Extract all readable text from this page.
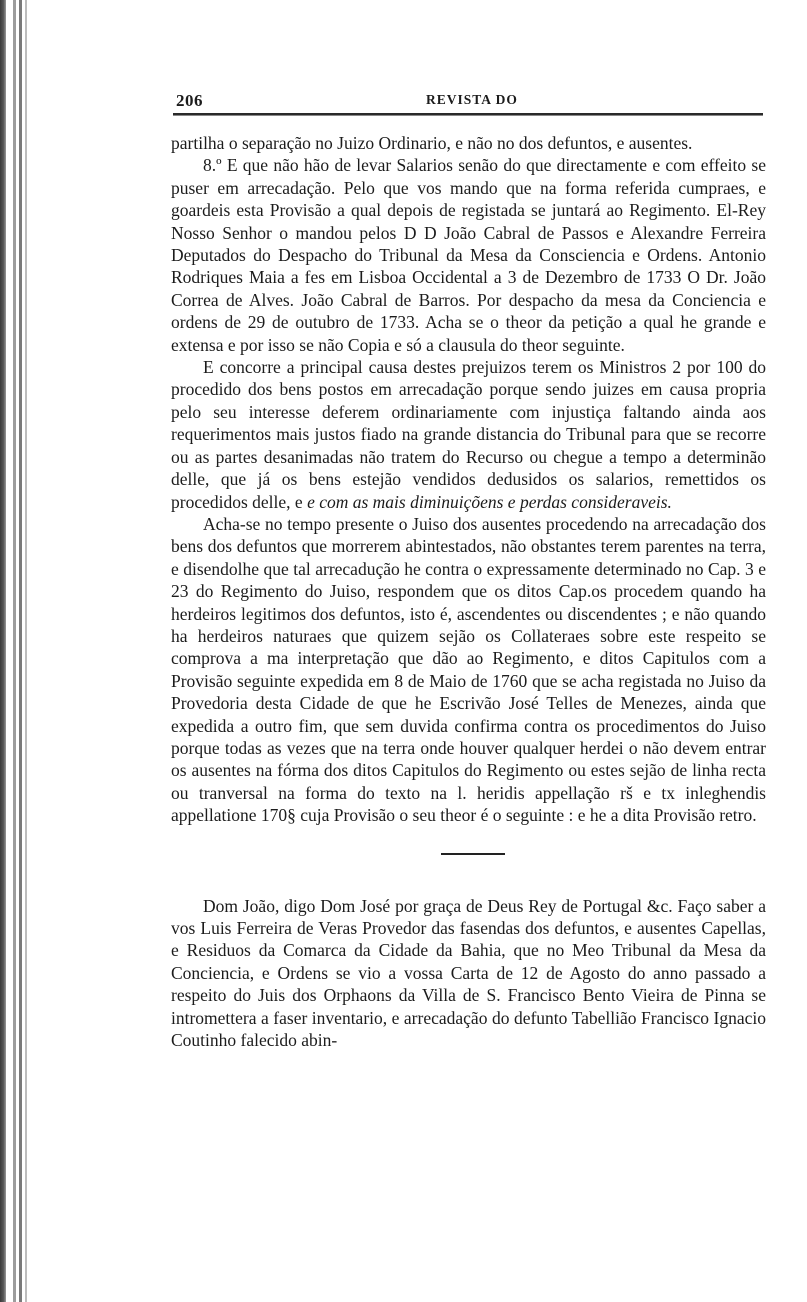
206	REVISTA DO

partilha o separação no Juizo Ordinario, e não no dos defuntos, e ausentes.

8.º E que não hão de levar Salarios senão do que directamente e com effeito se puser em arrecadação. Pelo que vos mando que na forma referida cumpraes, e goardeis esta Provisão a qual depois de registada se juntará ao Regimento. El-Rey Nosso Senhor o mandou pelos D D João Cabral de Passos e Alexandre Ferreira Deputados do Despacho do Tribunal da Mesa da Consciencia e Ordens. Antonio Rodriques Maia a fes em Lisboa Occidental a 3 de Dezembro de 1733 O Dr. João Correa de Alves. João Cabral de Barros. Por despacho da mesa da Conciencia e ordens de 29 de outubro de 1733. Acha se o theor da petição a qual he grande e extensa e por isso se não Copia e só a clausula do theor seguinte.

E concorre a principal causa destes prejuizos terem os Ministros 2 por 100 do procedido dos bens postos em arrecadação porque sendo juizes em causa propria pelo seu interesse deferem ordinariamente com injustiça faltando ainda aos requerimentos mais justos fiado na grande distancia do Tribunal para que se recorre ou as partes desanimadas não tratem do Recurso ou chegue a tempo a determinão delle, que já os bens estejão vendidos dedusidos os salarios, remettidos os procedidos delle, e e com as mais diminuiçõens e perdas consideraveis.

Acha-se no tempo presente o Juiso dos ausentes procedendo na arrecadação dos bens dos defuntos que morrerem abintestados, não obstantes terem parentes na terra, e disendolhe que tal arrecadução he contra o expressamente determinado no Cap. 3 e 23 do Regimento do Juiso, respondem que os ditos Cap.os procedem quando ha herdeiros legitimos dos defuntos, isto é, ascendentes ou discendentes ; e não quando ha herdeiros naturaes que quizem sejão os Collateraes sobre este respeito se comprova a ma interpretação que dão ao Regimento, e ditos Capitulos com a Provisão seguinte expedida em 8 de Maio de 1760 que se acha registada no Juiso da Provedoria desta Cidade de que he Escrivão José Telles de Menezes, ainda que expedida a outro fim, que sem duvida confirma contra os procedimentos do Juiso porque todas as vezes que na terra onde houver qualquer herdei o não devem entrar os ausentes na fórma dos ditos Capitulos do Regimento ou estes sejão de linha recta ou tranversal na forma do texto na l. heridis appellação rš e tx inleghendis appellatione 170§ cuja Provisão o seu theor é o seguinte : e he a dita Provisão retro.

Dom João, digo Dom José por graça de Deus Rey de Portugal &c. Faço saber a vos Luis Ferreira de Veras Provedor das fasendas dos defuntos, e ausentes Capellas, e Residuos da Comarca da Cidade da Bahia, que no Meo Tribunal da Mesa da Conciencia, e Ordens se vio a vossa Carta de 12 de Agosto do anno passado a respeito do Juis dos Orphaons da Villa de S. Francisco Bento Vieira de Pinna se intromettera a faser inventario, e arrecadação do defunto Tabellião Francisco Ignacio Coutinho falecido abin-
